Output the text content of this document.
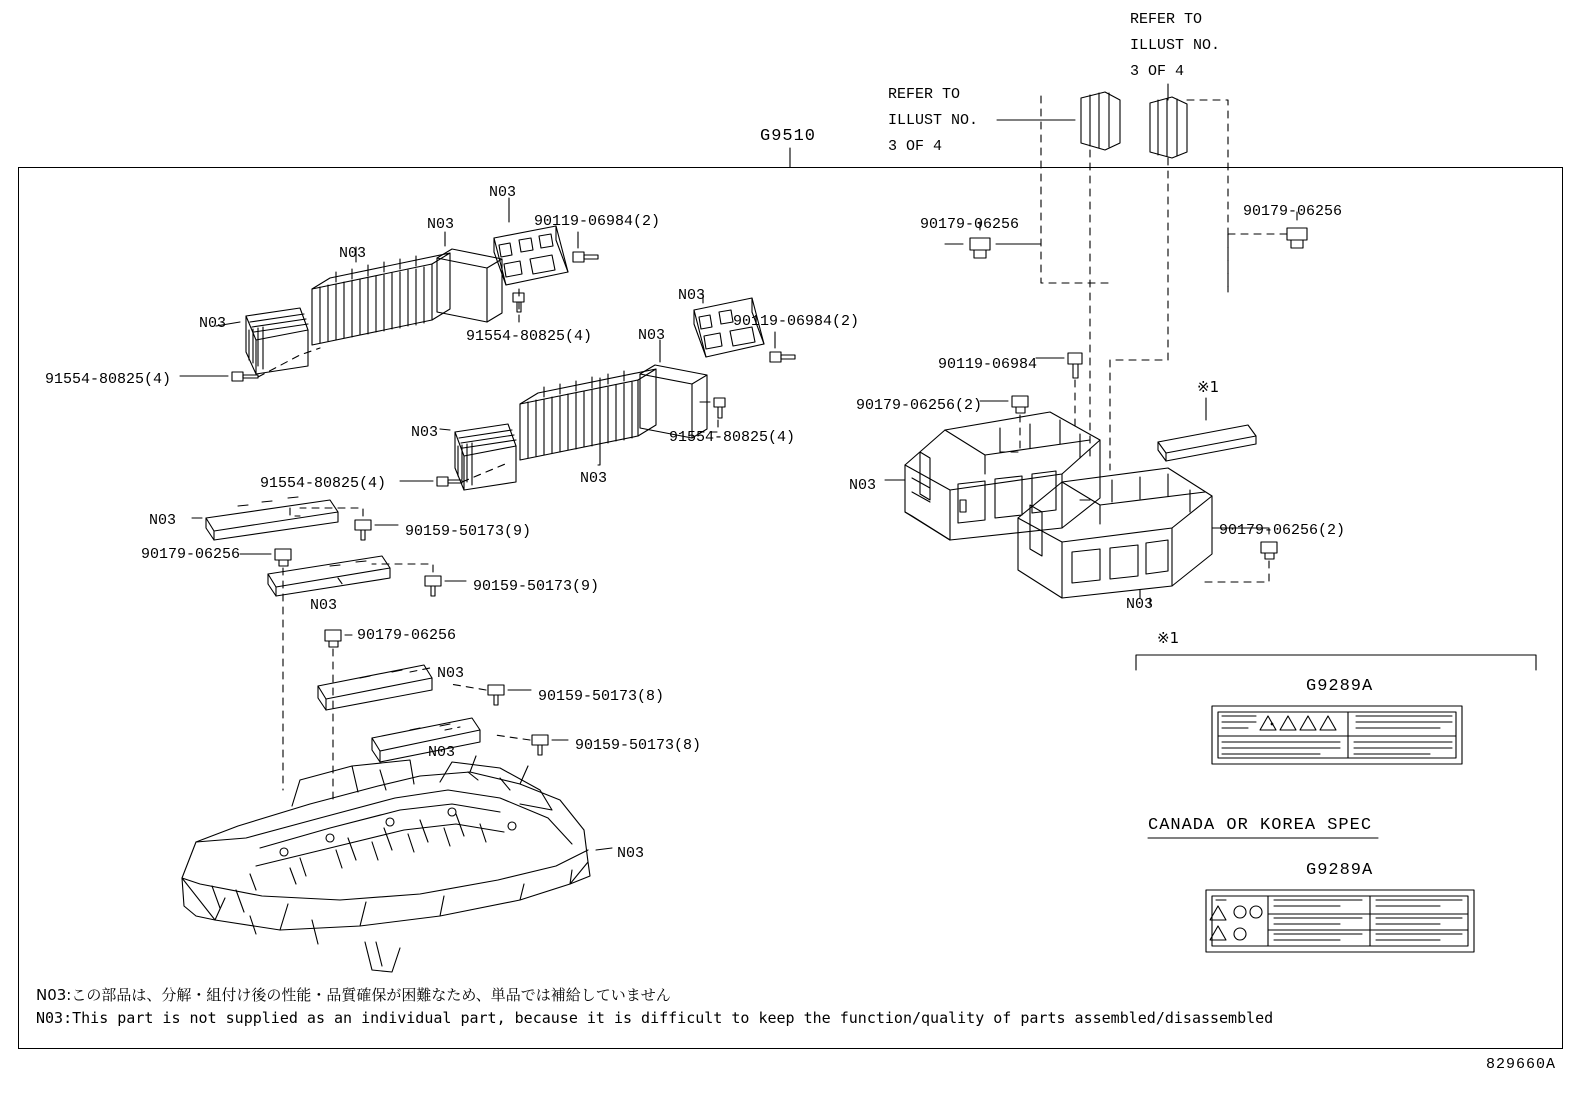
G9510
REFER TO
ILLUST NO.
3 OF 4
REFER TO
ILLUST NO.
3 OF 4
※1
※1
G9289A
CANADA OR KOREA SPEC
G9289A
N03:この部品は、分解・組付け後の性能・品質確保が困難なため、単品では補給していません
N03:This part is not supplied as an individual part, because it is difficult to keep the function/quality of parts assembled/disassembled
829660A
N03
N03
N03
N03
90119-06984(2)
91554-80825(4)
91554-80825(4)
N03
N03
90119-06984(2)
91554-80825(4)
N03
N03
91554-80825(4)
N03
90159-50173(9)
90179-06256
90159-50173(9)
N03
90179-06256
N03
90159-50173(8)
N03	90159-50173(8)
N03
90179-06256
90179-06256
90119-06984
90179-06256(2)
N03
N03
90179-06256(2)
